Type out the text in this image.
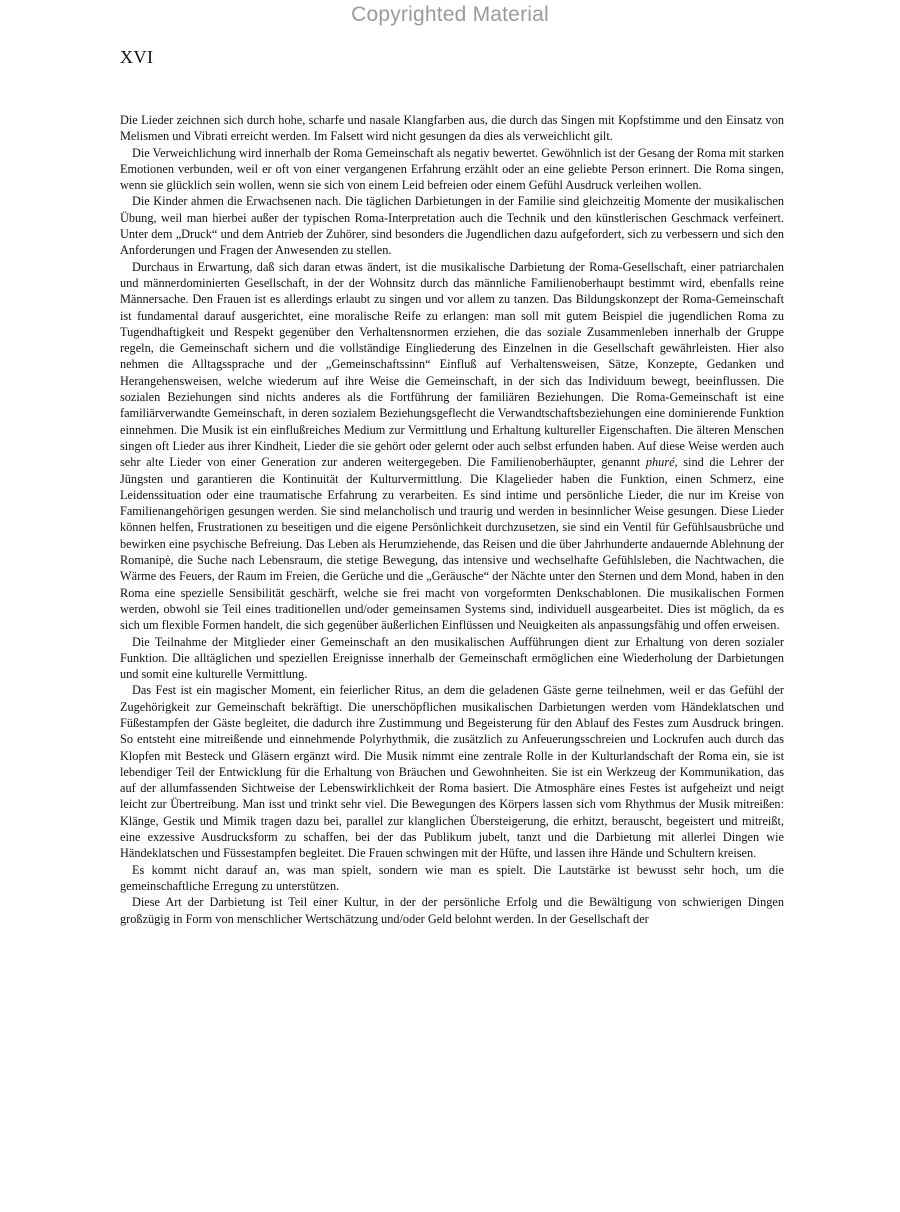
Copyrighted Material
XVI

Die Lieder zeichnen sich durch hohe, scharfe und nasale Klangfarben aus, die durch das Singen mit Kopfstimme und den Einsatz von Melismen und Vibrati erreicht werden. Im Falsett wird nicht gesungen da dies als verweichlicht gilt.

Die Verweichlichung wird innerhalb der Roma Gemeinschaft als negativ bewertet. Gewöhnlich ist der Gesang der Roma mit starken Emotionen verbunden, weil er oft von einer vergangenen Erfahrung erzählt oder an eine geliebte Person erinnert. Die Roma singen, wenn sie glücklich sein wollen, wenn sie sich von einem Leid befreien oder einem Gefühl Ausdruck verleihen wollen.

Die Kinder ahmen die Erwachsenen nach. Die täglichen Darbietungen in der Familie sind gleichzeitig Momente der musikalischen Übung, weil man hierbei außer der typischen Roma-Interpretation auch die Technik und den künstlerischen Geschmack verfeinert. Unter dem „Druck“ und dem Antrieb der Zuhörer, sind besonders die Jugendlichen dazu aufgefordert, sich zu verbessern und sich den Anforderungen und Fragen der Anwesenden zu stellen.

Durchaus in Erwartung, daß sich daran etwas ändert, ist die musikalische Darbietung der Roma-Gesellschaft, einer patriarchalen und männerdominierten Gesellschaft, in der der Wohnsitz durch das männliche Familienoberhaupt bestimmt wird, ebenfalls reine Männersache. Den Frauen ist es allerdings erlaubt zu singen und vor allem zu tanzen. Das Bildungskonzept der Roma-Gemeinschaft ist fundamental darauf ausgerichtet, eine moralische Reife zu erlangen: man soll mit gutem Beispiel die jugendlichen Roma zu Tugendhaftigkeit und Respekt gegenüber den Verhaltensnormen erziehen, die das soziale Zusammenleben innerhalb der Gruppe regeln, die Gemeinschaft sichern und die vollständige Eingliederung des Einzelnen in die Gesellschaft gewährleisten. Hier also nehmen die Alltagssprache und der „Gemeinschaftssinn“ Einfluß auf Verhaltensweisen, Sätze, Konzepte, Gedanken und Herangehensweisen, welche wiederum auf ihre Weise die Gemeinschaft, in der sich das Individuum bewegt, beeinflussen. Die sozialen Beziehungen sind nichts anderes als die Fortführung der familiären Beziehungen. Die Roma-Gemeinschaft ist eine familiärverwandte Gemeinschaft, in deren sozialem Beziehungsgeflecht die Verwandtschaftsbeziehungen eine dominierende Funktion einnehmen. Die Musik ist ein einflußreiches Medium zur Vermittlung und Erhaltung kultureller Eigenschaften. Die älteren Menschen singen oft Lieder aus ihrer Kindheit, Lieder die sie gehört oder gelernt oder auch selbst erfunden haben. Auf diese Weise werden auch sehr alte Lieder von einer Generation zur anderen weitergegeben. Die Familienoberhäupter, genannt phuré, sind die Lehrer der Jüngsten und garantieren die Kontinuität der Kulturvermittlung. Die Klagelieder haben die Funktion, einen Schmerz, eine Leidenssituation oder eine traumatische Erfahrung zu verarbeiten. Es sind intime und persönliche Lieder, die nur im Kreise von Familienangehörigen gesungen werden. Sie sind melancholisch und traurig und werden in besinnlicher Weise gesungen. Diese Lieder können helfen, Frustrationen zu beseitigen und die eigene Persönlichkeit durchzusetzen, sie sind ein Ventil für Gefühlsausbrüche und bewirken eine psychische Befreiung. Das Leben als Herumziehende, das Reisen und die über Jahrhunderte andauernde Ablehnung der Romanipè, die Suche nach Lebensraum, die stetige Bewegung, das intensive und wechselhafte Gefühlsleben, die Nachtwachen, die Wärme des Feuers, der Raum im Freien, die Gerüche und die „Geräusche“ der Nächte unter den Sternen und dem Mond, haben in den Roma eine spezielle Sensibilität geschärft, welche sie frei macht von vorgeformten Denkschablonen. Die musikalischen Formen werden, obwohl sie Teil eines traditionellen und/oder gemeinsamen Systems sind, individuell ausgearbeitet. Dies ist möglich, da es sich um flexible Formen handelt, die sich gegenüber äußerlichen Einflüssen und Neuigkeiten als anpassungsfähig und offen erweisen.

Die Teilnahme der Mitglieder einer Gemeinschaft an den musikalischen Aufführungen dient zur Erhaltung von deren sozialer Funktion. Die alltäglichen und speziellen Ereignisse innerhalb der Gemeinschaft ermöglichen eine Wiederholung der Darbietungen und somit eine kulturelle Vermittlung.

Das Fest ist ein magischer Moment, ein feierlicher Ritus, an dem die geladenen Gäste gerne teilnehmen, weil er das Gefühl der Zugehörigkeit zur Gemeinschaft bekräftigt. Die unerschöpflichen musikalischen Darbietungen werden vom Händeklatschen und Füßestampfen der Gäste begleitet, die dadurch ihre Zustimmung und Begeisterung für den Ablauf des Festes zum Ausdruck bringen. So entsteht eine mitreißende und einnehmende Polyrhythmik, die zusätzlich zu Anfeuerungsschreien und Lockrufen auch durch das Klopfen mit Besteck und Gläsern ergänzt wird. Die Musik nimmt eine zentrale Rolle in der Kulturlandschaft der Roma ein, sie ist lebendiger Teil der Entwicklung für die Erhaltung von Bräuchen und Gewohnheiten. Sie ist ein Werkzeug der Kommunikation, das auf der allumfassenden Sichtweise der Lebenswirklichkeit der Roma basiert. Die Atmosphäre eines Festes ist aufgeheizt und neigt leicht zur Übertreibung. Man isst und trinkt sehr viel. Die Bewegungen des Körpers lassen sich vom Rhythmus der Musik mitreißen: Klänge, Gestik und Mimik tragen dazu bei, parallel zur klanglichen Übersteigerung, die erhitzt, berauscht, begeistert und mitreißt, eine exzessive Ausdrucksform zu schaffen, bei der das Publikum jubelt, tanzt und die Darbietung mit allerlei Dingen wie Händeklatschen und Füssestampfen begleitet. Die Frauen schwingen mit der Hüfte, und lassen ihre Hände und Schultern kreisen.

Es kommt nicht darauf an, was man spielt, sondern wie man es spielt. Die Lautstärke ist bewusst sehr hoch, um die gemeinschaftliche Erregung zu unterstützen.

Diese Art der Darbietung ist Teil einer Kultur, in der der persönliche Erfolg und die Bewältigung von schwierigen Dingen großzügig in Form von menschlicher Wertschätzung und/oder Geld belohnt werden. In der Gesellschaft der
